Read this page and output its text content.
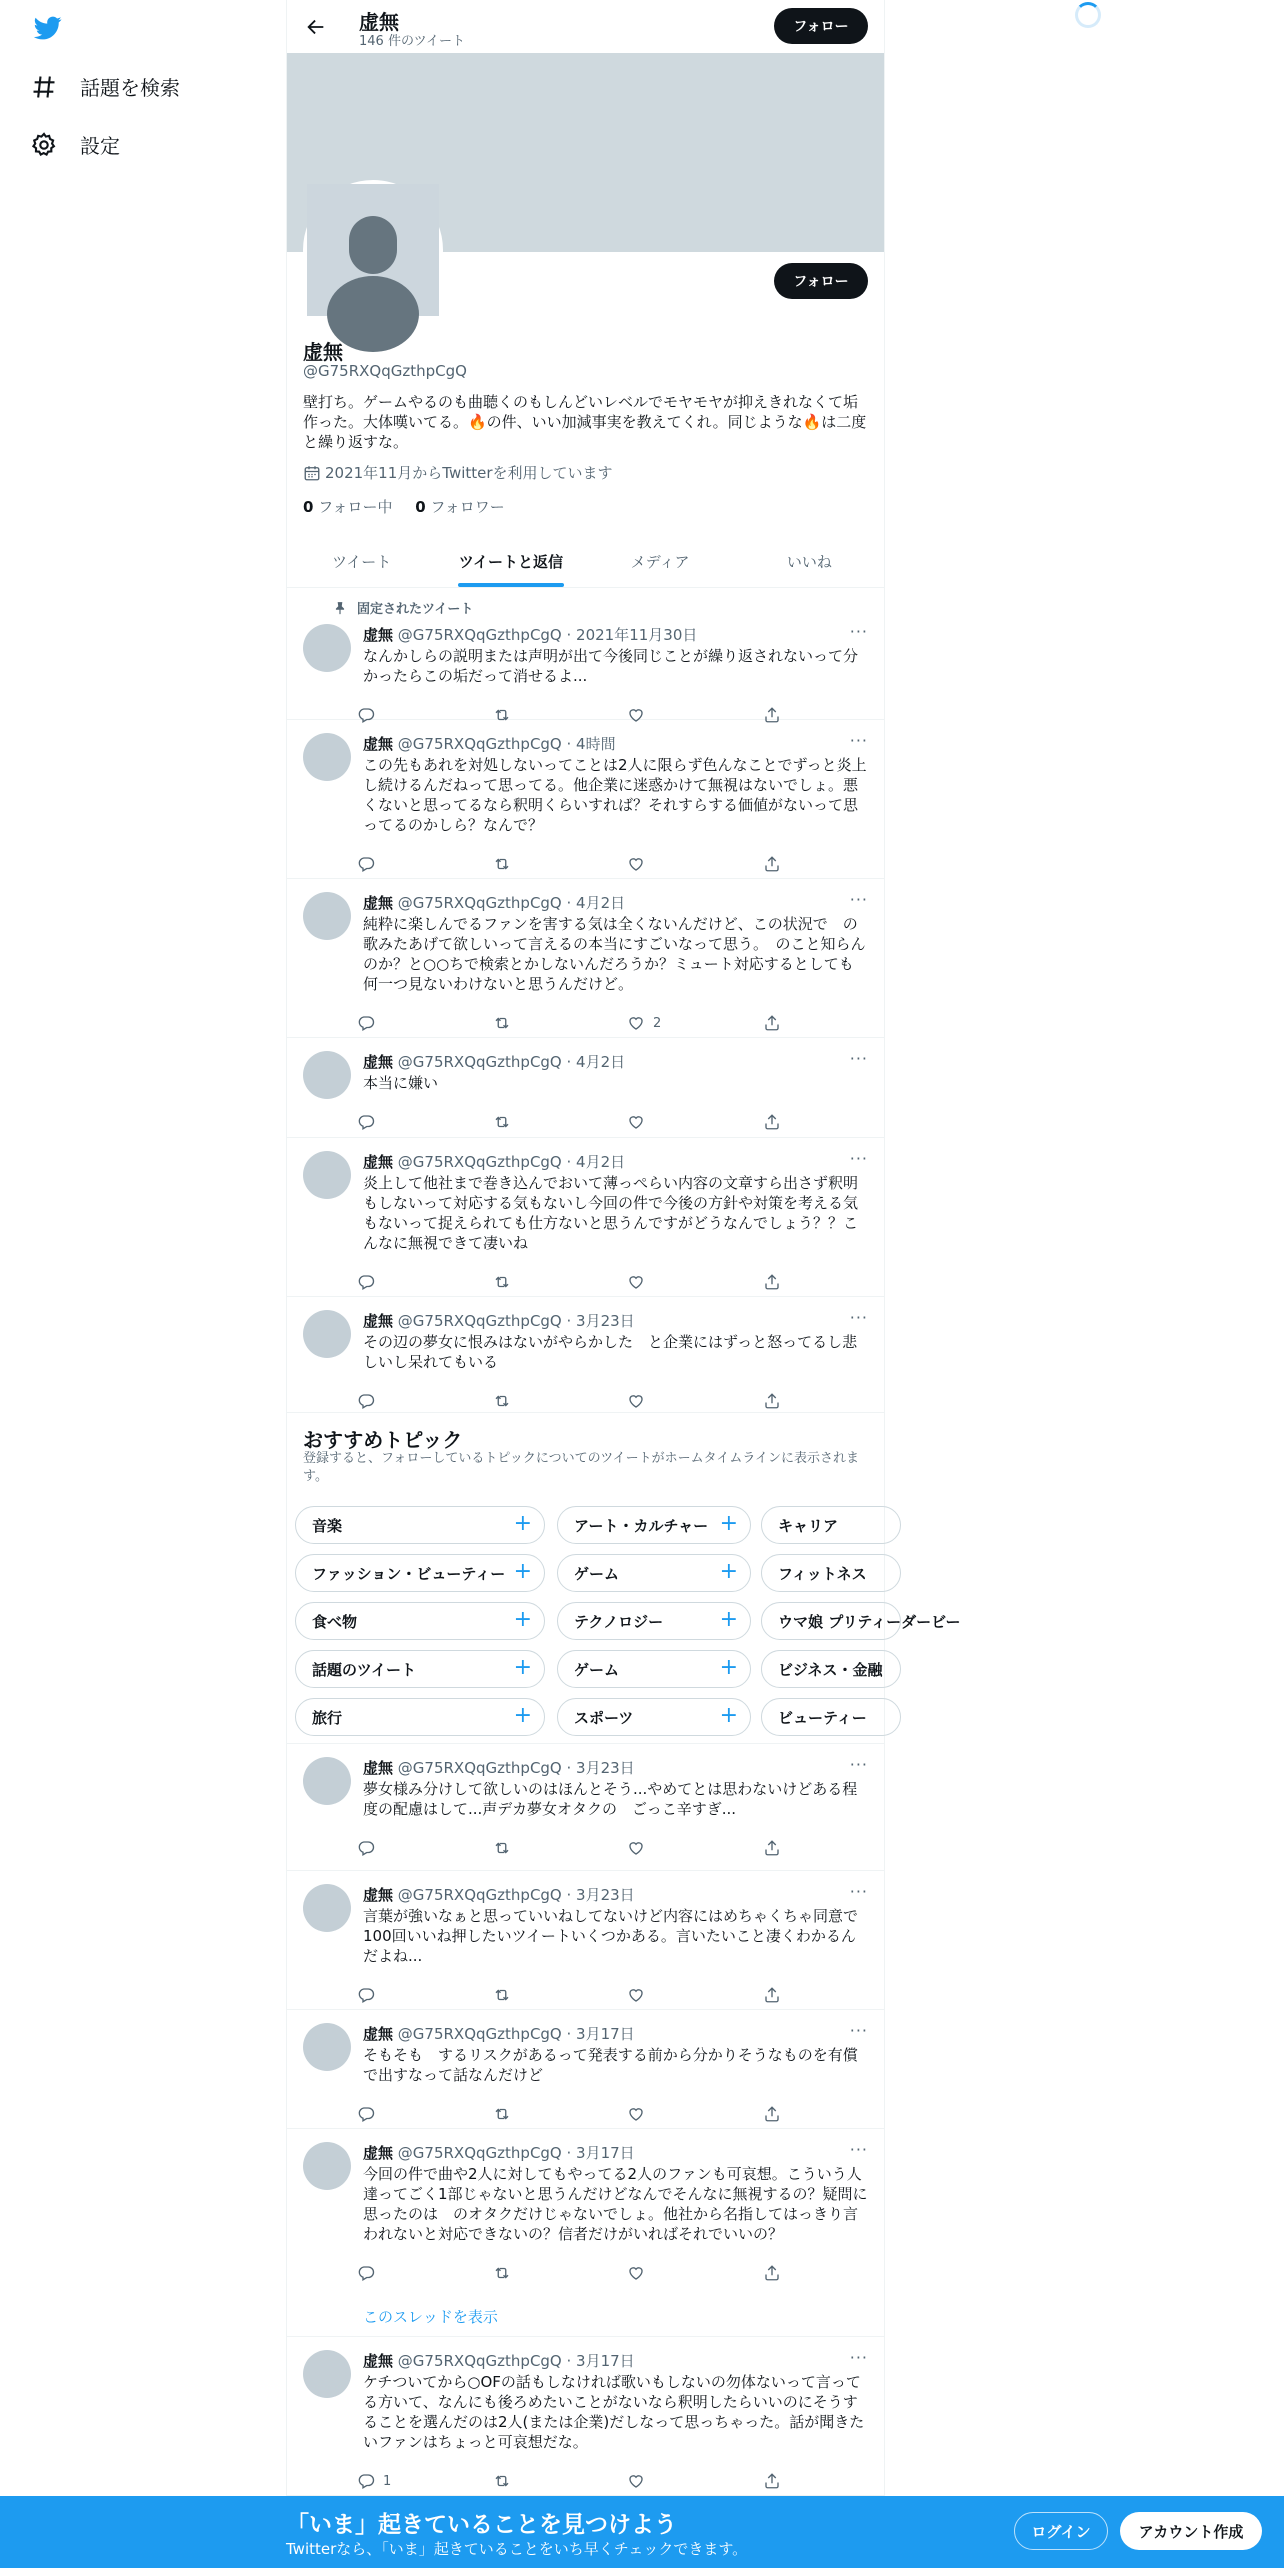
話題を検索
設定
虚無
146 件のツイート
フォロー
フォロー
虚無
@G75RXQqGzthpCgQ
壁打ち。ゲームやるのも曲聴くのもしんどいレベルでモヤモヤが抑えきれなくて垢作った。大体嘆いてる。🔥の件、いい加減事実を教えてくれ。同じような🔥は二度と繰り返すな。
2021年11月からTwitterを利用しています
0 フォロー中 0 フォロワー
ツイート	ツイートと返信	メディア	いいね
固定されたツイート
虚無 @G75RXQqGzthpCgQ · 2021年11月30日	···
なんかしらの説明または声明が出て今後同じことが繰り返されないって分かったらこの垢だって消せるよ...
虚無 @G75RXQqGzthpCgQ · 4時間	···
この先もあれを対処しないってことは2人に限らず色んなことでずっと炎上し続けるんだねって思ってる。他企業に迷惑かけて無視はないでしょ。悪くないと思ってるなら釈明くらいすれば？それすらする価値がないって思ってるのかしら？なんで？
虚無 @G75RXQqGzthpCgQ · 4月2日	···
純粋に楽しんでるファンを害する気は全くないんだけど、この状況で　の歌みたあげて欲しいって言えるの本当にすごいなって思う。　のこと知らんのか？と○○ちで検索とかしないんだろうか？ミュート対応するとしても何一つ見ないわけないと思うんだけど。
2
虚無 @G75RXQqGzthpCgQ · 4月2日	···
本当に嫌い
虚無 @G75RXQqGzthpCgQ · 4月2日	···
炎上して他社まで巻き込んでおいて薄っぺらい内容の文章すら出さず釈明もしないって対応する気もないし今回の件で今後の方針や対策を考える気もないって捉えられても仕方ないと思うんですがどうなんでしょう？？こんなに無視できて凄いね
虚無 @G75RXQqGzthpCgQ · 3月23日	···
その辺の夢女に恨みはないがやらかした　と企業にはずっと怒ってるし悲しいし呆れてもいる
虚無 @G75RXQqGzthpCgQ · 3月23日	···
夢女様み分けして欲しいのはほんとそう...やめてとは思わないけどある程度の配慮はして...声デカ夢女オタクの　ごっこ辛すぎ...
虚無 @G75RXQqGzthpCgQ · 3月23日	···
言葉が強いなぁと思っていいねしてないけど内容にはめちゃくちゃ同意で100回いいね押したいツイートいくつかある。言いたいこと凄くわかるんだよね...
虚無 @G75RXQqGzthpCgQ · 3月17日	···
そもそも　するリスクがあるって発表する前から分かりそうなものを有償で出すなって話なんだけど
虚無 @G75RXQqGzthpCgQ · 3月17日	···
今回の件で曲や2人に対してもやってる2人のファンも可哀想。こういう人達ってごく1部じゃないと思うんだけどなんでそんなに無視するの？疑問に思ったのは　のオタクだけじゃないでしょ。他社から名指してはっきり言われないと対応できないの？信者だけがいればそれでいいの？
このスレッドを表示
虚無 @G75RXQqGzthpCgQ · 3月17日	···
ケチついてから○OFの話もしなければ歌いもしないの勿体ないって言ってる方いて、なんにも後ろめたいことがないなら釈明したらいいのにそうすることを選んだのは2人(または企業)だしなって思っちゃった。話が聞きたいファンはちょっと可哀想だな。
1
おすすめトピック
登録すると、フォローしているトピックについてのツイートがホームタイムラインに表示されます。
音楽	+	アート・カルチャー +	キャリア
ファッション・ビューティー +	ゲーム	+	フィットネス
食べ物	+	テクノロジー	+	ウマ娘 プリティーダービー
話題のツイート	+	ゲーム	+	ビジネス・金融
旅行	+	スポーツ	+	ビューティー
「いま」起きていることを見つけよう
Twitterなら、「いま」起きていることをいち早くチェックできます。
ログイン	アカウント作成
